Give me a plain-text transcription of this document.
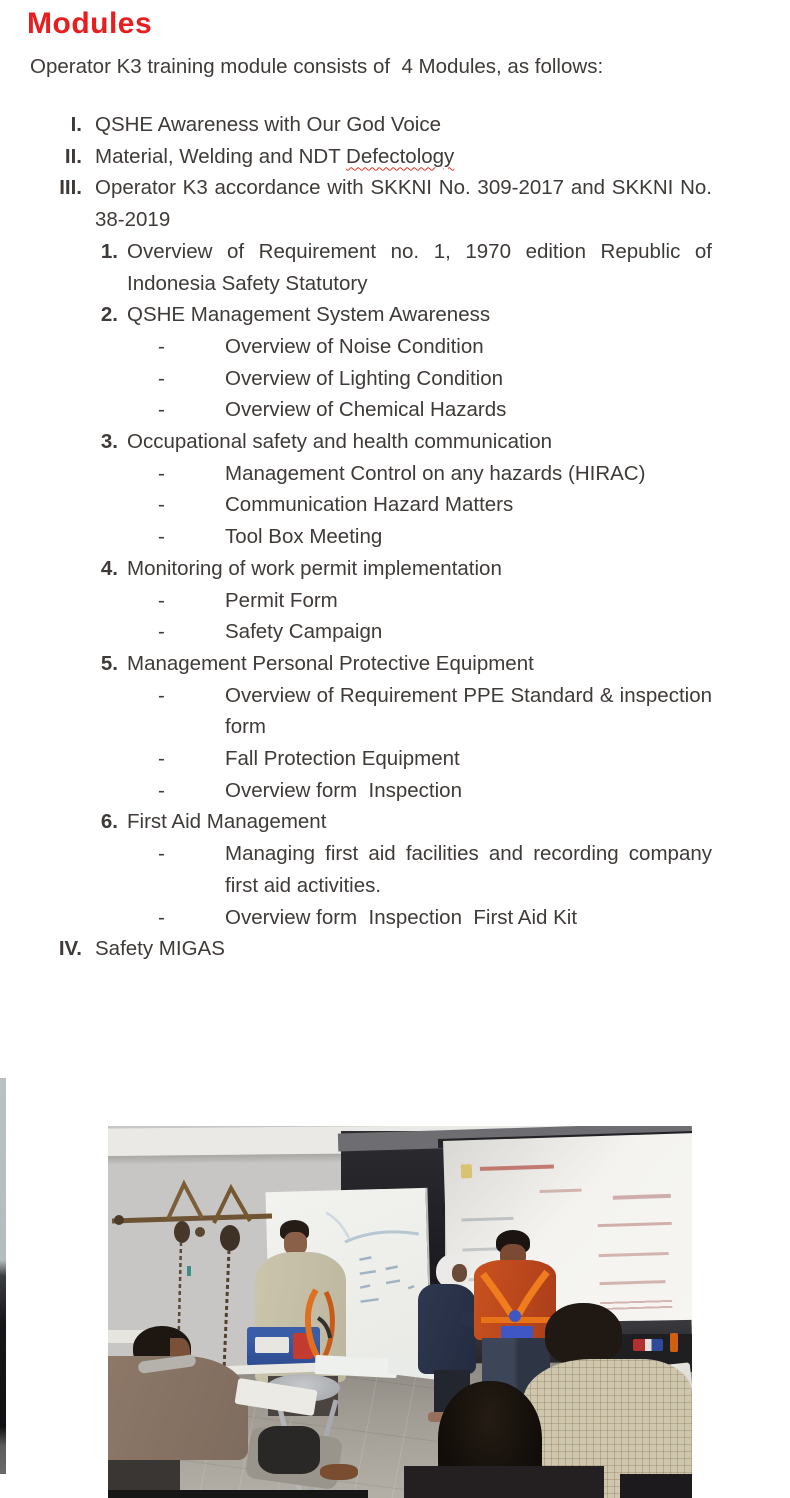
Modules

Operator K3 training module consists of  4 Modules, as follows:

I. QSHE Awareness with Our God Voice
II. Material, Welding and NDT Defectology
III. Operator K3 accordance with SKKNI No. 309-2017 and SKKNI No. 38-2019
1. Overview of Requirement no. 1, 1970 edition Republic of Indonesia Safety Statutory
2. QSHE Management System Awareness
-	Overview of Noise Condition
-	Overview of Lighting Condition
-	Overview of Chemical Hazards
3. Occupational safety and health communication
-	Management Control on any hazards (HIRAC)
-	Communication Hazard Matters
-	Tool Box Meeting
4. Monitoring of work permit implementation
-	Permit Form
-	Safety Campaign
5. Management Personal Protective Equipment
-	Overview of Requirement PPE Standard & inspection  form
-	Fall Protection Equipment
-	Overview form  Inspection
6. First Aid Management
-	Managing first aid facilities and recording company first aid activities.
-	Overview form  Inspection  First Aid Kit
IV. Safety MIGAS
